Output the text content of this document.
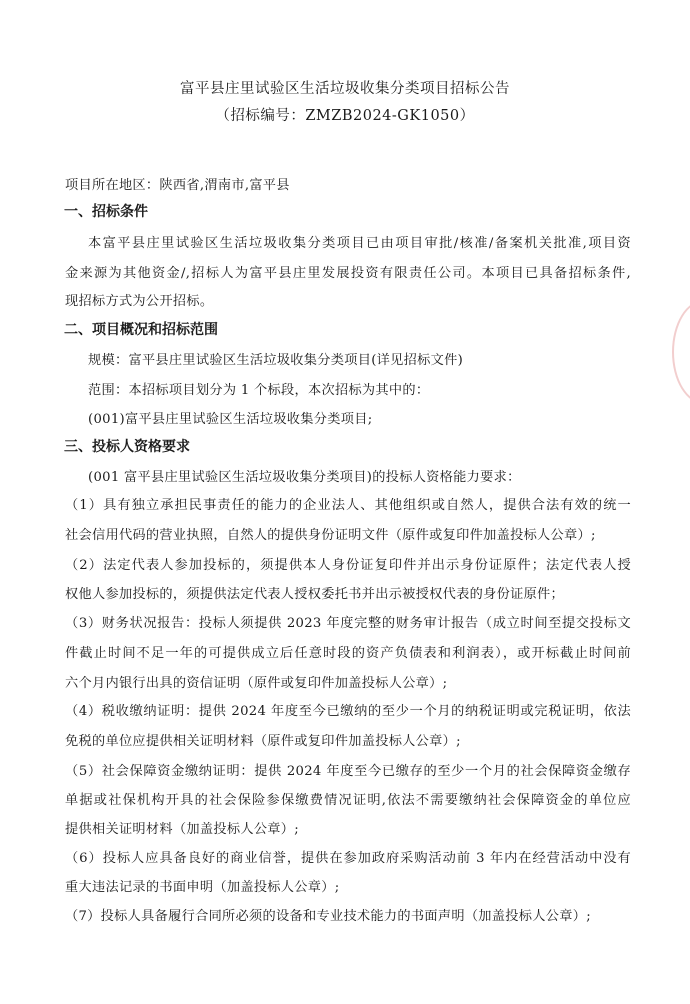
富平县庄里试验区生活垃圾收集分类项目招标公告
（招标编号：ZMZB2024-GK1050）
项目所在地区：陕西省,渭南市,富平县
一、招标条件
本富平县庄里试验区生活垃圾收集分类项目已由项目审批/核准/备案机关批准,项目资
金来源为其他资金/,招标人为富平县庄里发展投资有限责任公司。本项目已具备招标条件,
现招标方式为公开招标。
二、项目概况和招标范围
规模：富平县庄里试验区生活垃圾收集分类项目(详见招标文件)
范围：本招标项目划分为 1 个标段，本次招标为其中的：
(001)富平县庄里试验区生活垃圾收集分类项目;
三、投标人资格要求
(001 富平县庄里试验区生活垃圾收集分类项目)的投标人资格能力要求：
（1）具有独立承担民事责任的能力的企业法人、其他组织或自然人，提供合法有效的统一
社会信用代码的营业执照，自然人的提供身份证明文件（原件或复印件加盖投标人公章）;
（2）法定代表人参加投标的，须提供本人身份证复印件并出示身份证原件；法定代表人授
权他人参加投标的，须提供法定代表人授权委托书并出示被授权代表的身份证原件；
（3）财务状况报告：投标人须提供 2023 年度完整的财务审计报告（成立时间至提交投标文
件截止时间不足一年的可提供成立后任意时段的资产负债表和利润表），或开标截止时间前
六个月内银行出具的资信证明（原件或复印件加盖投标人公章）;
（4）税收缴纳证明：提供 2024 年度至今已缴纳的至少一个月的纳税证明或完税证明，依法
免税的单位应提供相关证明材料（原件或复印件加盖投标人公章）;
（5）社会保障资金缴纳证明：提供 2024 年度至今已缴存的至少一个月的社会保障资金缴存
单据或社保机构开具的社会保险参保缴费情况证明,依法不需要缴纳社会保障资金的单位应
提供相关证明材料（加盖投标人公章）;
（6）投标人应具备良好的商业信誉，提供在参加政府采购活动前 3 年内在经营活动中没有
重大违法记录的书面申明（加盖投标人公章）;
（7）投标人具备履行合同所必须的设备和专业技术能力的书面声明（加盖投标人公章）;
